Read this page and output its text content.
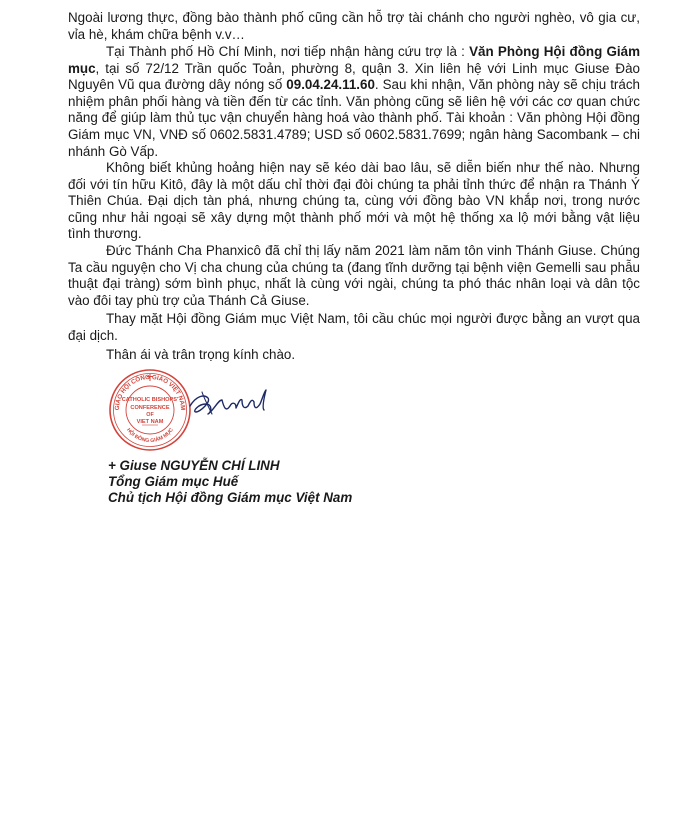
Ngoài lương thực, đồng bào thành phố cũng cần hỗ trợ tài chánh cho người nghèo, vô gia cư, vỉa hè, khám chữa bệnh v.v…

Tại Thành phố Hồ Chí Minh, nơi tiếp nhận hàng cứu trợ là : Văn Phòng Hội đồng Giám mục, tại số 72/12 Trần quốc Toản, phường 8, quận 3. Xin liên hệ với Linh mục Giuse Đào Nguyên Vũ qua đường dây nóng số 09.04.24.11.60. Sau khi nhận, Văn phòng này sẽ chịu trách nhiệm phân phối hàng và tiền đến từ các tỉnh. Văn phòng cũng sẽ liên hệ với các cơ quan chức năng để giúp làm thủ tục vận chuyển hàng hoá vào thành phố. Tài khoản : Văn phòng Hội đồng Giám mục VN, VNĐ số 0602.5831.4789; USD số 0602.5831.7699; ngân hàng Sacombank – chi nhánh Gò Vấp.

Không biết khủng hoảng hiện nay sẽ kéo dài bao lâu, sẽ diễn biến như thế nào. Nhưng đối với tín hữu Kitô, đây là một dấu chỉ thời đại đòi chúng ta phải tỉnh thức để nhận ra Thánh Ý Thiên Chúa. Đại dịch tàn phá, nhưng chúng ta, cùng với đồng bào VN khắp nơi, trong nước cũng như hải ngoại sẽ xây dựng một thành phố mới và một hệ thống xa lộ mới bằng vật liệu tình thương.

Đức Thánh Cha Phanxicô đã chỉ thị lấy năm 2021 làm năm tôn vinh Thánh Giuse. Chúng Ta cầu nguyện cho Vị cha chung của chúng ta (đang tĩnh dưỡng tại bệnh viện Gemelli sau phẫu thuật đại tràng) sớm bình phục, nhất là cùng với ngài, chúng ta phó thác nhân loại và dân tộc vào đôi tay phù trợ của Thánh Cả Giuse.

Thay mặt Hội đồng Giám mục Việt Nam, tôi cầu chúc mọi người được bằng an vượt qua đại dịch.

Thân ái và trân trọng kính chào.

GIÁO HỘI CÔNG GIÁO VIỆT NAM
HỘI ĐỒNG GIÁM MỤC
CATHOLIC BISHOPS'
CONFERENCE
OF
VIET NAM
+ Giuse NGUYỄN CHÍ LINH
Tổng Giám mục Huế
Chủ tịch Hội đồng Giám mục Việt Nam
